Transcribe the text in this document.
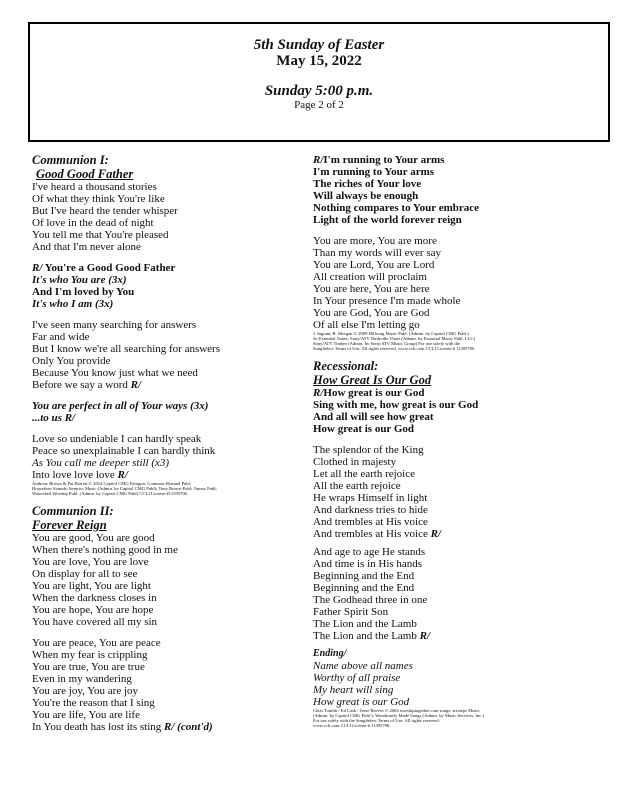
5th Sunday of Easter
May 15, 2022
Sunday 5:00 p.m.
Page 2 of 2
Communion I:
Good Good Father
I've heard a thousand stories
Of what they think You're like
But I've heard the tender whisper
Of love in the dead of night
You tell me that You're pleased
And that I'm never alone
R/ You're a Good Good Father
It's who You are (3x)
And I'm loved by You
It's who I am (3x)
I've seen many searching for answers
Far and wide
But I know we're all searching for answers
Only You provide
Because You know just what we need
Before we say a word R/
You are perfect in all of Your ways (3x)
...to us R/
Love so undeniable I can hardly speak
Peace so unexplainable I can hardly think
As You call me deeper still (x3)
Into love love love R/
Anthony Brown & Pat Barrett © 2014 Capitol CMG Paragon; Common Hymnal Publ;
Housefires Sounds; Sentrics Music (Admin. by Capitol CMG Publ); Tony Brown Publ; Vamos Publ;
Watershed Worship Publ. (Admin. by Capitol CMG Publ) CCLI License #11395796
Communion II:
Forever Reign
You are good, You are good
When there's nothing good in me
You are love, You are love
On display for all to see
You are light, You are light
When the darkness closes in
You are hope, You are hope
You have covered all my sin
You are peace, You are peace
When my fear is crippling
You are true, You are true
Even in my wandering
You are joy, You are joy
You're the reason that I sing
You are life, You are life
In You death has lost its sting R/ (cont'd)
R/I'm running to Your arms
I'm running to Your arms
The riches of Your love
Will always be enough
Nothing compares to Your embrace
Light of the world forever reign
You are more, You are more
Than my words will ever say
You are Lord, You are Lord
All creation will proclaim
You are here, You are here
In Your presence I'm made whole
You are God, You are God
Of all else I'm letting go
J. Ingram, R. Morgan © 2009 Hillsong Music Publ. (Admin. by Capitol CMG Publ.)
So Essential Tunes; Sony/ATV Nashville Three (Admin. by Essential Music Publ. LLC)
Sony/ATV Timber (Admin. by Sony/ATV Music Group) For use solely with the
SongSelect Terms of Use. All rights reserved. www.ccli.com CCLI License # 11395796
Recessional:
How Great Is Our God
R/How great is our God
Sing with me, how great is our God
And all will see how great
How great is our God
The splendor of the King
Clothed in majesty
Let all the earth rejoice
All the earth rejoice
He wraps Himself in light
And darkness tries to hide
And trembles at His voice
And trembles at His voice R/
And age to age He stands
And time is in His hands
Beginning and the End
Beginning and the End
The Godhead three in one
Father Spirit Son
The Lion and the Lamb
The Lion and the Lamb R/
Ending/
Name above all names
Worthy of all praise
My heart will sing
How great is our God
Chris Tomlin / Ed Cash / Jesse Reeves © 2004 worshiptogether.com songs; sixsteps Music
(Admin. by Capitol CMG Publ.); Wondrously Made Songs (Admin. by Music Services, Inc.)
For use solely with the SongSelect Terms of Use. All rights reserved.
www.ccli.com CCLI License # 11395796
